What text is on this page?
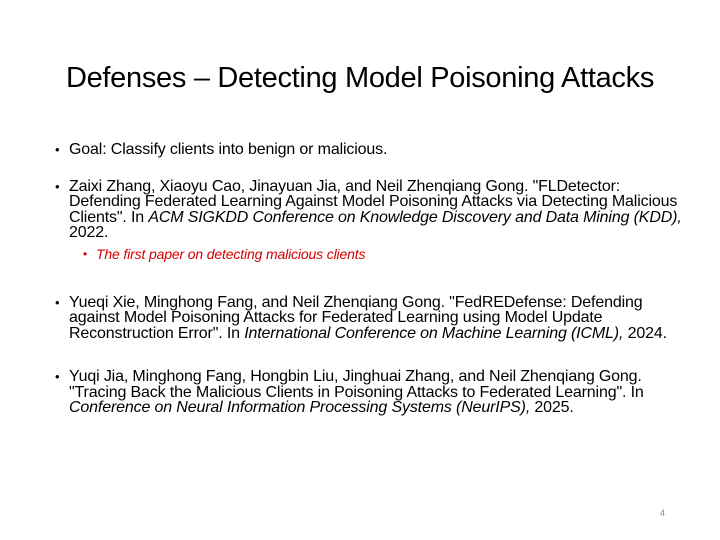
Defenses – Detecting Model Poisoning Attacks
• Goal: Classify clients into benign or malicious.
• Zaixi Zhang, Xiaoyu Cao, Jinayuan Jia, and Neil Zhenqiang Gong. "FLDetector: Defending Federated Learning Against Model Poisoning Attacks via Detecting Malicious Clients". In ACM SIGKDD Conference on Knowledge Discovery and Data Mining (KDD), 2022.
• The first paper on detecting malicious clients
• Yueqi Xie, Minghong Fang, and Neil Zhenqiang Gong. "FedREDefense: Defending against Model Poisoning Attacks for Federated Learning using Model Update Reconstruction Error". In International Conference on Machine Learning (ICML), 2024.
• Yuqi Jia, Minghong Fang, Hongbin Liu, Jinghuai Zhang, and Neil Zhenqiang Gong. "Tracing Back the Malicious Clients in Poisoning Attacks to Federated Learning". In Conference on Neural Information Processing Systems (NeurIPS), 2025.
4
